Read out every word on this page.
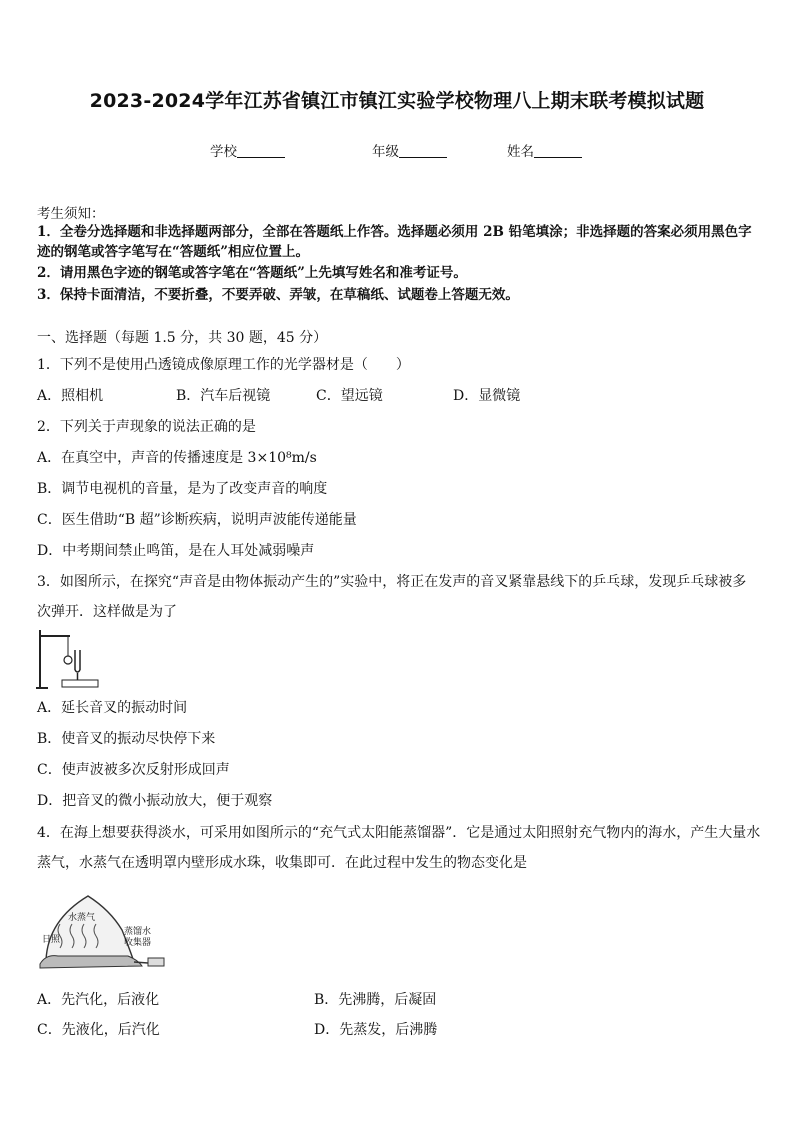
2023-2024学年江苏省镇江市镇江实验学校物理八上期末联考模拟试题
学校	年级	姓名
考生须知：
1．全卷分选择题和非选择题两部分，全部在答题纸上作答。选择题必须用 2B 铅笔填涂；非选择题的答案必须用黑色字迹的钢笔或答字笔写在“答题纸”相应位置上。
2．请用黑色字迹的钢笔或答字笔在“答题纸”上先填写姓名和准考证号。
3．保持卡面清洁，不要折叠，不要弄破、弄皱，在草稿纸、试题卷上答题无效。
一、选择题（每题 1.5 分，共 30 题，45 分）
1．下列不是使用凸透镜成像原理工作的光学器材是（　　）
A．照相机	B．汽车后视镜	C．望远镜	D．显微镜
2．下列关于声现象的说法正确的是
A．在真空中，声音的传播速度是 3×10⁸m/s
B．调节电视机的音量，是为了改变声音的响度
C．医生借助“B 超”诊断疾病，说明声波能传递能量
D．中考期间禁止鸣笛，是在人耳处减弱噪声
3．如图所示，在探究“声音是由物体振动产生的”实验中，将正在发声的音叉紧靠悬线下的乒乓球，发现乒乓球被多
次弹开．这样做是为了
A．延长音叉的振动时间
B．使音叉的振动尽快停下来
C．使声波被多次反射形成回声
D．把音叉的微小振动放大，便于观察
4．在海上想要获得淡水，可采用如图所示的“充气式太阳能蒸馏器”．它是通过太阳照射充气物内的海水，产生大量水
蒸气，水蒸气在透明罩内壁形成水珠，收集即可．在此过程中发生的物态变化是
水蒸气
日照
蒸馏水
收集器
A．先汽化，后液化	B．先沸腾，后凝固
C．先液化，后汽化	D．先蒸发，后沸腾
